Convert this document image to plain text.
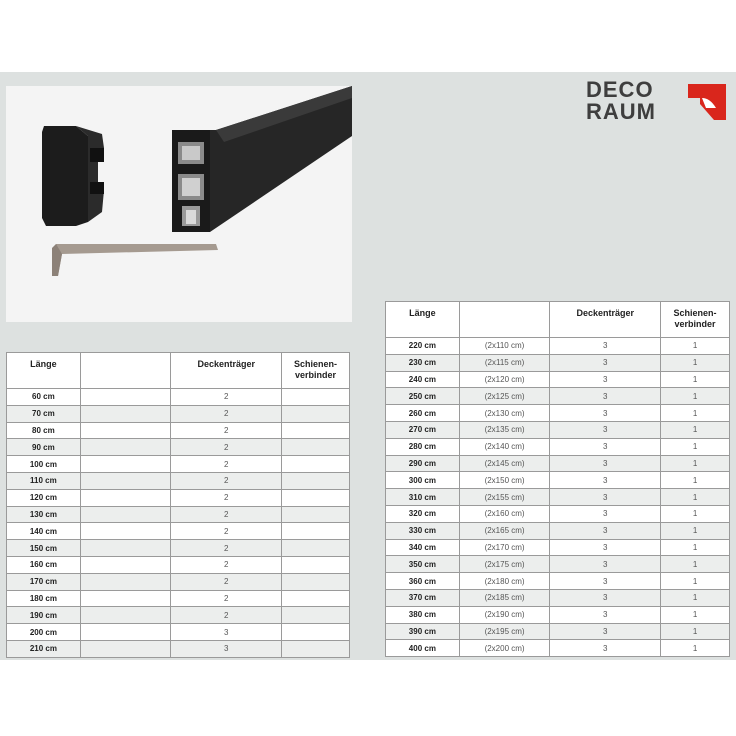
DECO
RAUM
Länge		Deckenträger	Schienen-
verbinder
60 cm		2	
70 cm		2	
80 cm		2	
90 cm		2	
100 cm		2	
110 cm		2	
120 cm		2	
130 cm		2	
140 cm		2	
150 cm		2	
160 cm		2	
170 cm		2	
180 cm		2	
190 cm		2	
200 cm		3	
210 cm		3	
Länge		Deckenträger	Schienen-
verbinder
220 cm	(2x110 cm)	3	1
230 cm	(2x115 cm)	3	1
240 cm	(2x120 cm)	3	1
250 cm	(2x125 cm)	3	1
260 cm	(2x130 cm)	3	1
270 cm	(2x135 cm)	3	1
280 cm	(2x140 cm)	3	1
290 cm	(2x145 cm)	3	1
300 cm	(2x150 cm)	3	1
310 cm	(2x155 cm)	3	1
320 cm	(2x160 cm)	3	1
330 cm	(2x165 cm)	3	1
340 cm	(2x170 cm)	3	1
350 cm	(2x175 cm)	3	1
360 cm	(2x180 cm)	3	1
370 cm	(2x185 cm)	3	1
380 cm	(2x190 cm)	3	1
390 cm	(2x195 cm)	3	1
400 cm	(2x200 cm)	3	1
